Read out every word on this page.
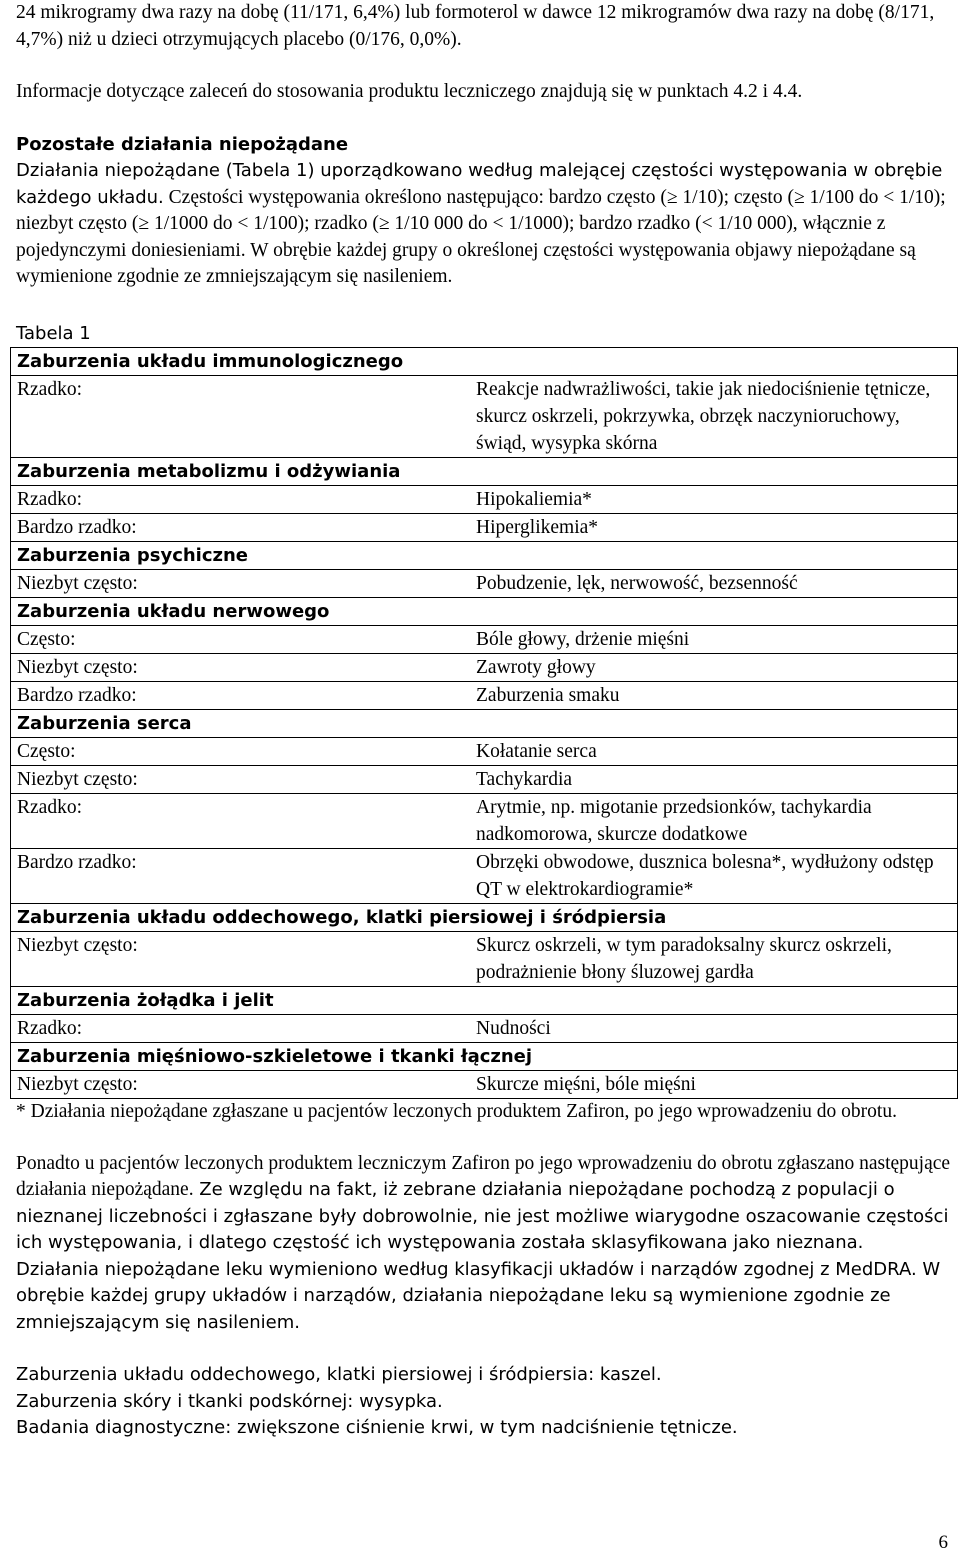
24 mikrogramy dwa razy na dobę (11/171, 6,4%) lub formoterol w dawce 12 mikrogramów dwa razy na dobę (8/171, 4,7%) niż u dzieci otrzymujących placebo (0/176, 0,0%).

Informacje dotyczące zaleceń do stosowania produktu leczniczego znajdują się w punktach 4.2 i 4.4.

Pozostałe działania niepożądane

Działania niepożądane (Tabela 1) uporządkowano według malejącej częstości występowania w obrębie każdego układu. Częstości występowania określono następująco: bardzo często (≥ 1/10); często (≥ 1/100 do < 1/10); niezbyt często (≥ 1/1000 do < 1/100); rzadko (≥ 1/10 000 do < 1/1000); bardzo rzadko (< 1/10 000), włącznie z pojedynczymi doniesieniami. W obrębie każdej grupy o określonej częstości występowania objawy niepożądane są wymienione zgodnie ze zmniejszającym się nasileniem.

Tabela 1
Zaburzenia układu immunologicznego	
Rzadko:	Reakcje nadwrażliwości, takie jak niedociśnienie tętnicze, skurcz oskrzeli, pokrzywka, obrzęk naczynioruchowy, świąd, wysypka skórna
Zaburzenia metabolizmu i odżywiania	
Rzadko:	Hipokaliemia*
Bardzo rzadko:	Hiperglikemia*
Zaburzenia psychiczne	
Niezbyt często:	Pobudzenie, lęk, nerwowość, bezsenność
Zaburzenia układu nerwowego	
Często:	Bóle głowy, drżenie mięśni
Niezbyt często:	Zawroty głowy
Bardzo rzadko:	Zaburzenia smaku
Zaburzenia serca	
Często:	Kołatanie serca
Niezbyt często:	Tachykardia
Rzadko:	Arytmie, np. migotanie przedsionków, tachykardia nadkomorowa, skurcze dodatkowe
Bardzo rzadko:	Obrzęki obwodowe, dusznica bolesna*, wydłużony odstęp QT w elektrokardiogramie*
Zaburzenia układu oddechowego, klatki piersiowej i śródpiersia	
Niezbyt często:	Skurcz oskrzeli, w tym paradoksalny skurcz oskrzeli, podrażnienie błony śluzowej gardła
Zaburzenia żołądka i jelit	
Rzadko:	Nudności
Zaburzenia mięśniowo-szkieletowe i tkanki łącznej	
Niezbyt często:	Skurcze mięśni, bóle mięśni

* Działania niepożądane zgłaszane u pacjentów leczonych produktem Zafiron, po jego wprowadzeniu do obrotu.

Ponadto u pacjentów leczonych produktem leczniczym Zafiron po jego wprowadzeniu do obrotu zgłaszano następujące działania niepożądane. Ze względu na fakt, iż zebrane działania niepożądane pochodzą z populacji o nieznanej liczebności i zgłaszane były dobrowolnie, nie jest możliwe wiarygodne oszacowanie częstości ich występowania, i dlatego częstość ich występowania została sklasyfikowana jako nieznana. Działania niepożądane leku wymieniono według klasyfikacji układów i narządów zgodnej z MedDRA. W obrębie każdej grupy układów i narządów, działania niepożądane leku są wymienione zgodnie ze zmniejszającym się nasileniem.

Zaburzenia układu oddechowego, klatki piersiowej i śródpiersia: kaszel.

Zaburzenia skóry i tkanki podskórnej: wysypka.

Badania diagnostyczne: zwiększone ciśnienie krwi, w tym nadciśnienie tętnicze.

6
